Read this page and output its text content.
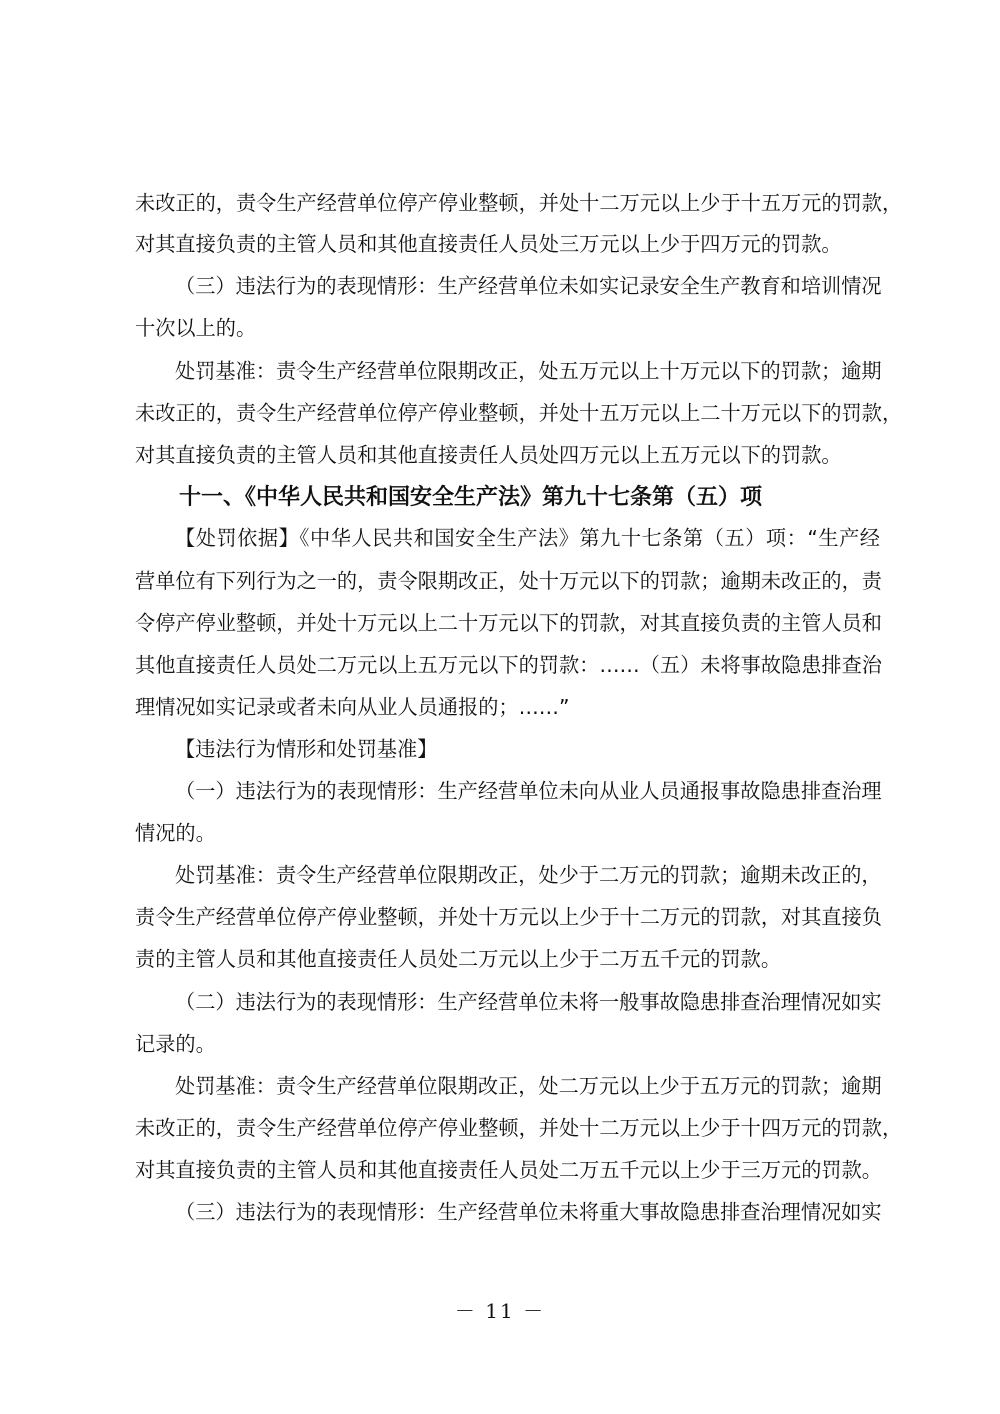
未改正的，责令生产经营单位停产停业整顿，并处十二万元以上少于十五万元的罚款，
对其直接负责的主管人员和其他直接责任人员处三万元以上少于四万元的罚款。
（三）违法行为的表现情形：生产经营单位未如实记录安全生产教育和培训情况
十次以上的。
处罚基准：责令生产经营单位限期改正，处五万元以上十万元以下的罚款；逾期
未改正的，责令生产经营单位停产停业整顿，并处十五万元以上二十万元以下的罚款，
对其直接负责的主管人员和其他直接责任人员处四万元以上五万元以下的罚款。
十一、《中华人民共和国安全生产法》第九十七条第（五）项
【处罚依据】《中华人民共和国安全生产法》第九十七条第（五）项：“生产经
营单位有下列行为之一的，责令限期改正，处十万元以下的罚款；逾期未改正的，责
令停产停业整顿，并处十万元以上二十万元以下的罚款，对其直接负责的主管人员和
其他直接责任人员处二万元以上五万元以下的罚款：……（五）未将事故隐患排查治
理情况如实记录或者未向从业人员通报的；……”
【违法行为情形和处罚基准】
（一）违法行为的表现情形：生产经营单位未向从业人员通报事故隐患排查治理
情况的。
处罚基准：责令生产经营单位限期改正，处少于二万元的罚款；逾期未改正的，
责令生产经营单位停产停业整顿，并处十万元以上少于十二万元的罚款，对其直接负
责的主管人员和其他直接责任人员处二万元以上少于二万五千元的罚款。
（二）违法行为的表现情形：生产经营单位未将一般事故隐患排查治理情况如实
记录的。
处罚基准：责令生产经营单位限期改正，处二万元以上少于五万元的罚款；逾期
未改正的，责令生产经营单位停产停业整顿，并处十二万元以上少于十四万元的罚款，
对其直接负责的主管人员和其他直接责任人员处二万五千元以上少于三万元的罚款。
（三）违法行为的表现情形：生产经营单位未将重大事故隐患排查治理情况如实
－ 11 －
